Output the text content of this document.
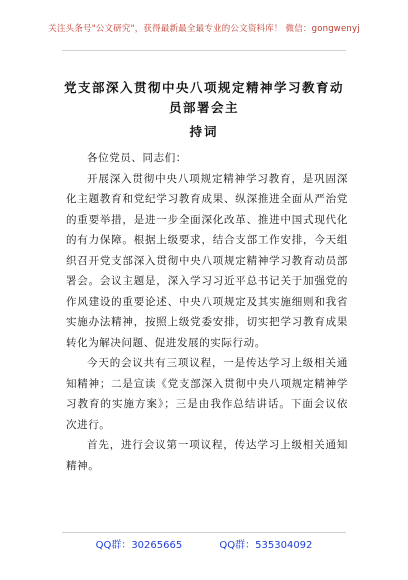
关注头条号"公文研究"，获得最新最全最专业的公文资料库！ 微信：gongwenyj
党支部深入贯彻中央八项规定精神学习教育动员部署会主
持词

各位党员、同志们：

开展深入贯彻中央八项规定精神学习教育，是巩固深化主题教育和党纪学习教育成果、纵深推进全面从严治党的重要举措，是进一步全面深化改革、推进中国式现代化的有力保障。根据上级要求，结合支部工作安排，今天组织召开党支部深入贯彻中央八项规定精神学习教育动员部署会。会议主题是，深入学习习近平总书记关于加强党的作风建设的重要论述、中央八项规定及其实施细则和我省实施办法精神，按照上级党委安排，切实把学习教育成果转化为解决问题、促进发展的实际行动。

今天的会议共有三项议程，一是传达学习上级相关通知精神；二是宣读《党支部深入贯彻中央八项规定精神学习教育的实施方案》；三是由我作总结讲话。下面会议依次进行。

首先，进行会议第一项议程，传达学习上级相关通知精神。

QQ群：30265665	QQ群：535304092
